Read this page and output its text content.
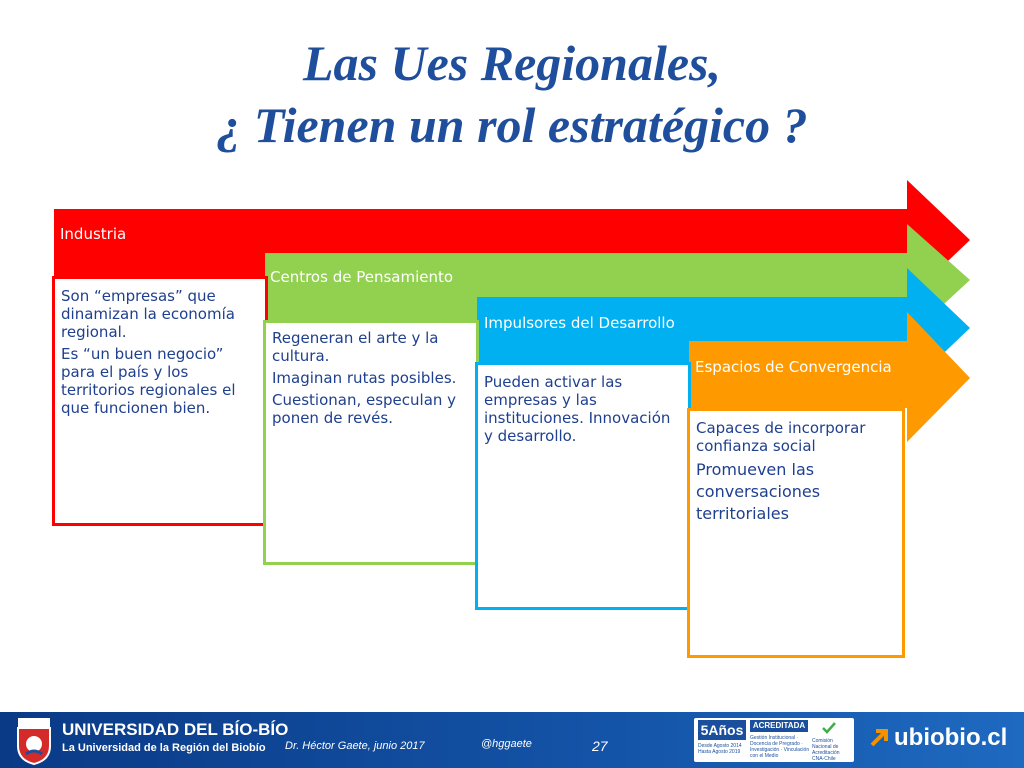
Las Ues Regionales,
¿ Tienen un rol estratégico ?

Son “empresas” que dinamizan la economía regional.

Es “un buen negocio” para el país y los territorios regionales el que funcionen bien.

Regeneran el arte y la cultura.

Imaginan rutas posibles.

Cuestionan, especulan y ponen de revés.

Pueden activar las empresas y las instituciones. Innovación y desarrollo.	Capaces de incorporar confianza social

Promueven las conversaciones territoriales

Industria
Centros de Pensamiento
Impulsores del Desarrollo
Espacios de Convergencia
UNIVERSIDAD DEL BÍO-BÍO
La Universidad de la Región del Biobío Dr. Héctor Gaete, junio 2017	@hggaete	27
5Años	ACREDITADA
Gestión Institucional · Docencia de Pregrado · Investigación · Vinculación con el Medio
Desde Agosto 2014 Hasta Agosto 2019
Comisión Nacional de Acreditación CNA-Chile
ubiobio.cl
